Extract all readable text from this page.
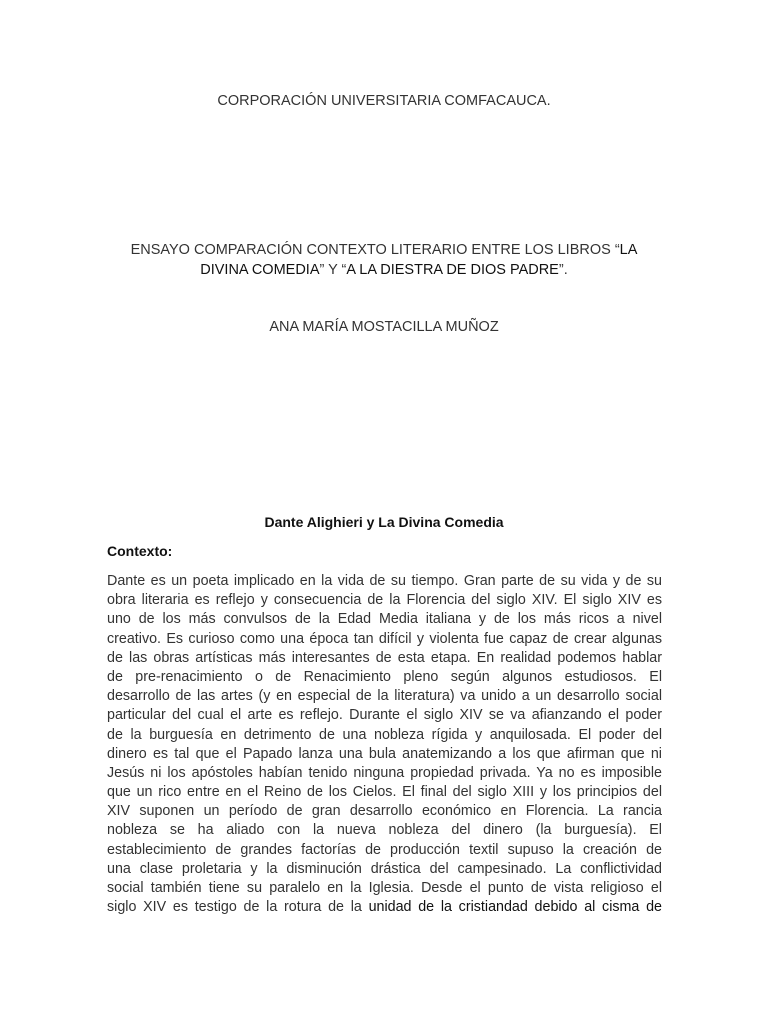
CORPORACIÓN UNIVERSITARIA COMFACAUCA.
ENSAYO COMPARACIÓN CONTEXTO LITERARIO ENTRE LOS LIBROS “LA
DIVINA COMEDIA” Y “A LA DIESTRA DE DIOS PADRE”.
ANA MARÍA MOSTACILLA MUÑOZ
Dante Alighieri y La Divina Comedia
Contexto:
Dante es un poeta implicado en la vida de su tiempo. Gran parte de su vida y de su
obra literaria es reflejo y consecuencia de la Florencia del siglo XIV. El siglo XIV es
uno de los más convulsos de la Edad Media italiana y de los más ricos a nivel
creativo. Es curioso como una época tan difícil y violenta fue capaz de crear algunas
de las obras artísticas más interesantes de esta etapa. En realidad podemos hablar
de pre-renacimiento o de Renacimiento pleno según algunos estudiosos. El
desarrollo de las artes (y en especial de la literatura) va unido a un desarrollo social
particular del cual el arte es reflejo. Durante el siglo XIV se va afianzando el poder
de la burguesía en detrimento de una nobleza rígida y anquilosada. El poder del
dinero es tal que el Papado lanza una bula anatemizando a los que afirman que ni
Jesús ni los apóstoles habían tenido ninguna propiedad privada. Ya no es imposible
que un rico entre en el Reino de los Cielos. El final del siglo XIII y los principios del
XIV suponen un período de gran desarrollo económico en Florencia. La rancia
nobleza se ha aliado con la nueva nobleza del dinero (la burguesía). El
establecimiento de grandes factorías de producción textil supuso la creación de
una clase proletaria y la disminución drástica del campesinado. La conflictividad
social también tiene su paralelo en la Iglesia. Desde el punto de vista religioso el
siglo XIV es testigo de la rotura de la unidad de la cristiandad debido al cisma de
